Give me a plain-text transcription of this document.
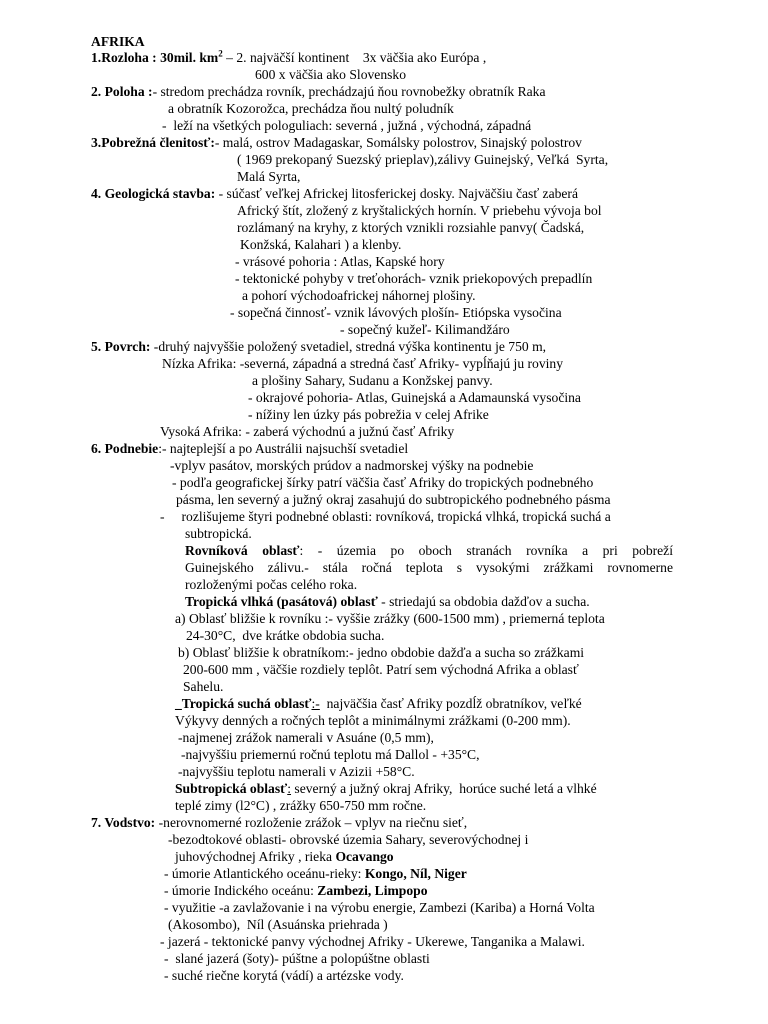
AFRIKA
1.Rozloha : 30mil. $km^2 - 2$. najväčší kontinent    3x väčšia ako Európa ,
600 x väčšia ako Slovensko
2. Poloha :- stredom prechádza rovník, prechádzajú ňou rovnobežky obratník Raka
a obratník Kozorožca, prechádza ňou nultý poludník
-  leží na všetkých pologuliach: severná , južná , východná, západná
3.Pobrežná členitosť:- malá, ostrov Madagaskar, Somálsky polostrov, Sinajský polostrov
( 1969 prekopaný Suezský prieplav),zálivy Guinejský, Veľká  Syrta,
Malá Syrta,
4. Geologická stavba: - súčasť veľkej Africkej litosferickej dosky. Najväčšiu časť zaberá
Africký štít, zložený z kryštalických hornín. V priebehu vývoja bol
rozlámaný na kryhy, z ktorých vznikli rozsiahle panvy( Čadská,
Konžská, Kalahari ) a klenby.
- vrásové pohoria : Atlas, Kapské hory
- tektonické pohyby v treťohorách- vznik priekopových prepadlín
a pohorí východoafrickej náhornej plošiny.
- sopečná činnosť- vznik lávových plošín- Etiópska vysočina
- sopečný kužeľ- Kilimandžáro
5. Povrch: -druhý najvyššie položený svetadiel, stredná výška kontinentu je 750 m,
Nízka Afrika: -severná, západná a stredná časť Afriky- vypĺňajú ju roviny
a plošiny Sahary, Sudanu a Konžskej panvy.
- okrajové pohoria- Atlas, Guinejská a Adamaunská vysočina
- nížiny len úzky pás pobrežia v celej Afrike
Vysoká Afrika: - zaberá východnú a južnú časť Afriky
6. Podnebie:- najteplejší a po Austrálii najsuchší svetadiel
-vplyv pasátov, morských prúdov a nadmorskej výšky na podnebie
- podľa geografickej šírky patrí väčšia časť Afriky do tropických podnebného
pásma, len severný a južný okraj zasahujú do subtropického podnebného pásma
-     rozlišujeme štyri podnebné oblasti: rovníková, tropická vlhká, tropická suchá a
subtropická.
Rovníková oblasť: - územia po oboch stranách rovníka a pri pobreží
Guinejského zálivu.- stála ročná teplota s vysokými zrážkami rovnomerne
rozloženými počas celého roka.
Tropická vlhká (pasátová) oblasť - striedajú sa obdobia dažďov a sucha.
a) Oblasť bližšie k rovníku :- vyššie zrážky (600-1500 mm) , priemerná teplota
24-30°C,  dve krátke obdobia sucha.
b) Oblasť bližšie k obratníkom:- jedno obdobie dažďa a sucha so zrážkami
200-600 mm , väčšie rozdiely teplôt. Patrí sem východná Afrika a oblasť
Sahelu.
_Tropická suchá oblasť:-  najväčšia časť Afriky pozdĺž obratníkov, veľké
Výkyvy denných a ročných teplôt a minimálnymi zrážkami (0-200 mm).
-najmenej zrážok namerali v Asuáne (0,5 mm),
-najvyššiu priemernú ročnú teplotu má Dallol - +35°C,
-najvyššiu teplotu namerali v Azizii +58°C.
Subtropická oblasť: severný a južný okraj Afriky,  horúce suché letá a vlhké
teplé zimy (l2°C) , zrážky 650-750 mm ročne.
7. Vodstvo: -nerovnomerné rozloženie zrážok – vplyv na riečnu sieť,
-bezodtokové oblasti- obrovské územia Sahary, severovýchodnej i
juhovýchodnej Afriky , rieka Ocavango
- úmorie Atlantického oceánu-rieky: Kongo, Níl, Niger
- úmorie Indického oceánu: Zambezi, Limpopo
- využitie -a zavlažovanie i na výrobu energie, Zambezi (Kariba) a Horná Volta
(Akosombo),  Níl (Asuánska priehrada )
- jazerá - tektonické panvy východnej Afriky - Ukerewe, Tanganika a Malawi.
-  slané jazerá (šoty)- púštne a polopúštne oblasti
- suché riečne korytá (vádí) a artézske vody.
